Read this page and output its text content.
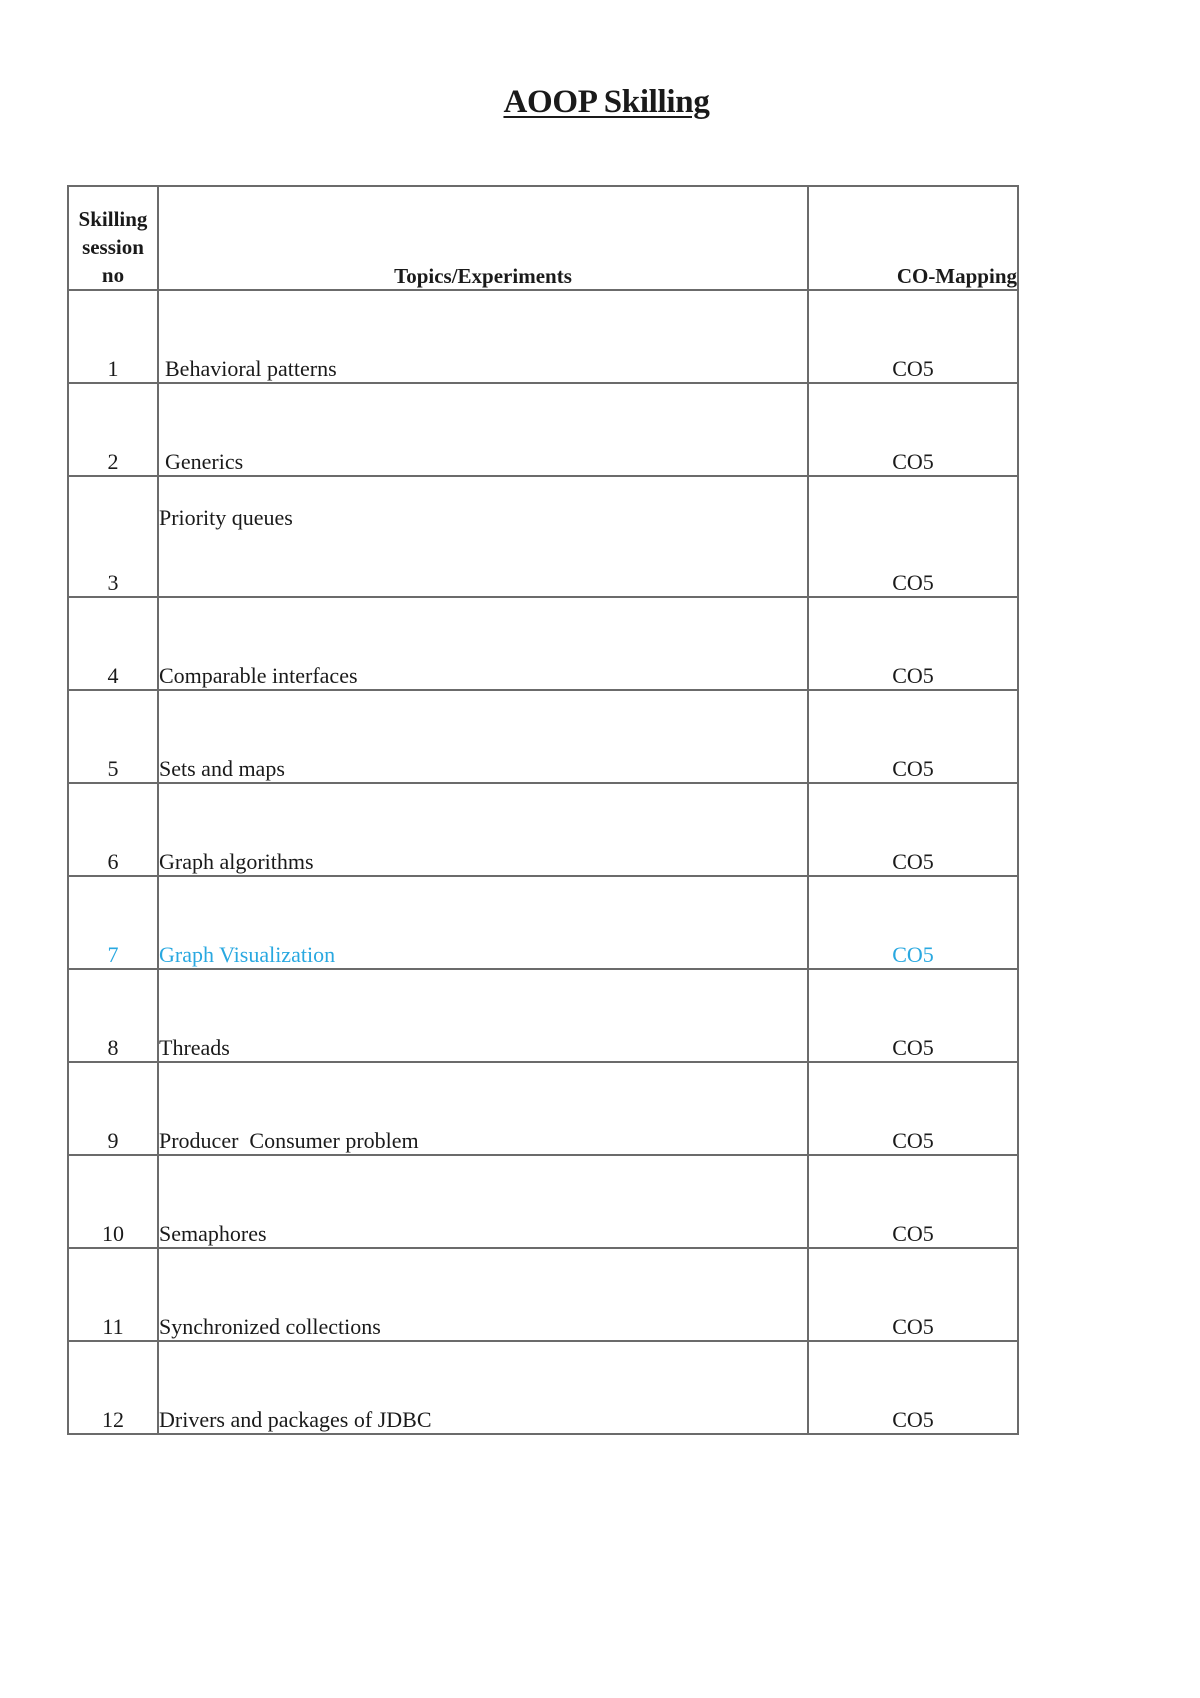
AOOP Skilling
Skilling
session
no	Topics/Experiments	CO-Mapping
1	Behavioral patterns	CO5
2	Generics	CO5
3	Priority queues	CO5
4	Comparable interfaces	CO5
5	Sets and maps	CO5
6	Graph algorithms	CO5
7	Graph Visualization	CO5
8	Threads	CO5
9	Producer  Consumer problem	CO5
10	Semaphores	CO5
11	Synchronized collections	CO5
12	Drivers and packages of JDBC	CO5
